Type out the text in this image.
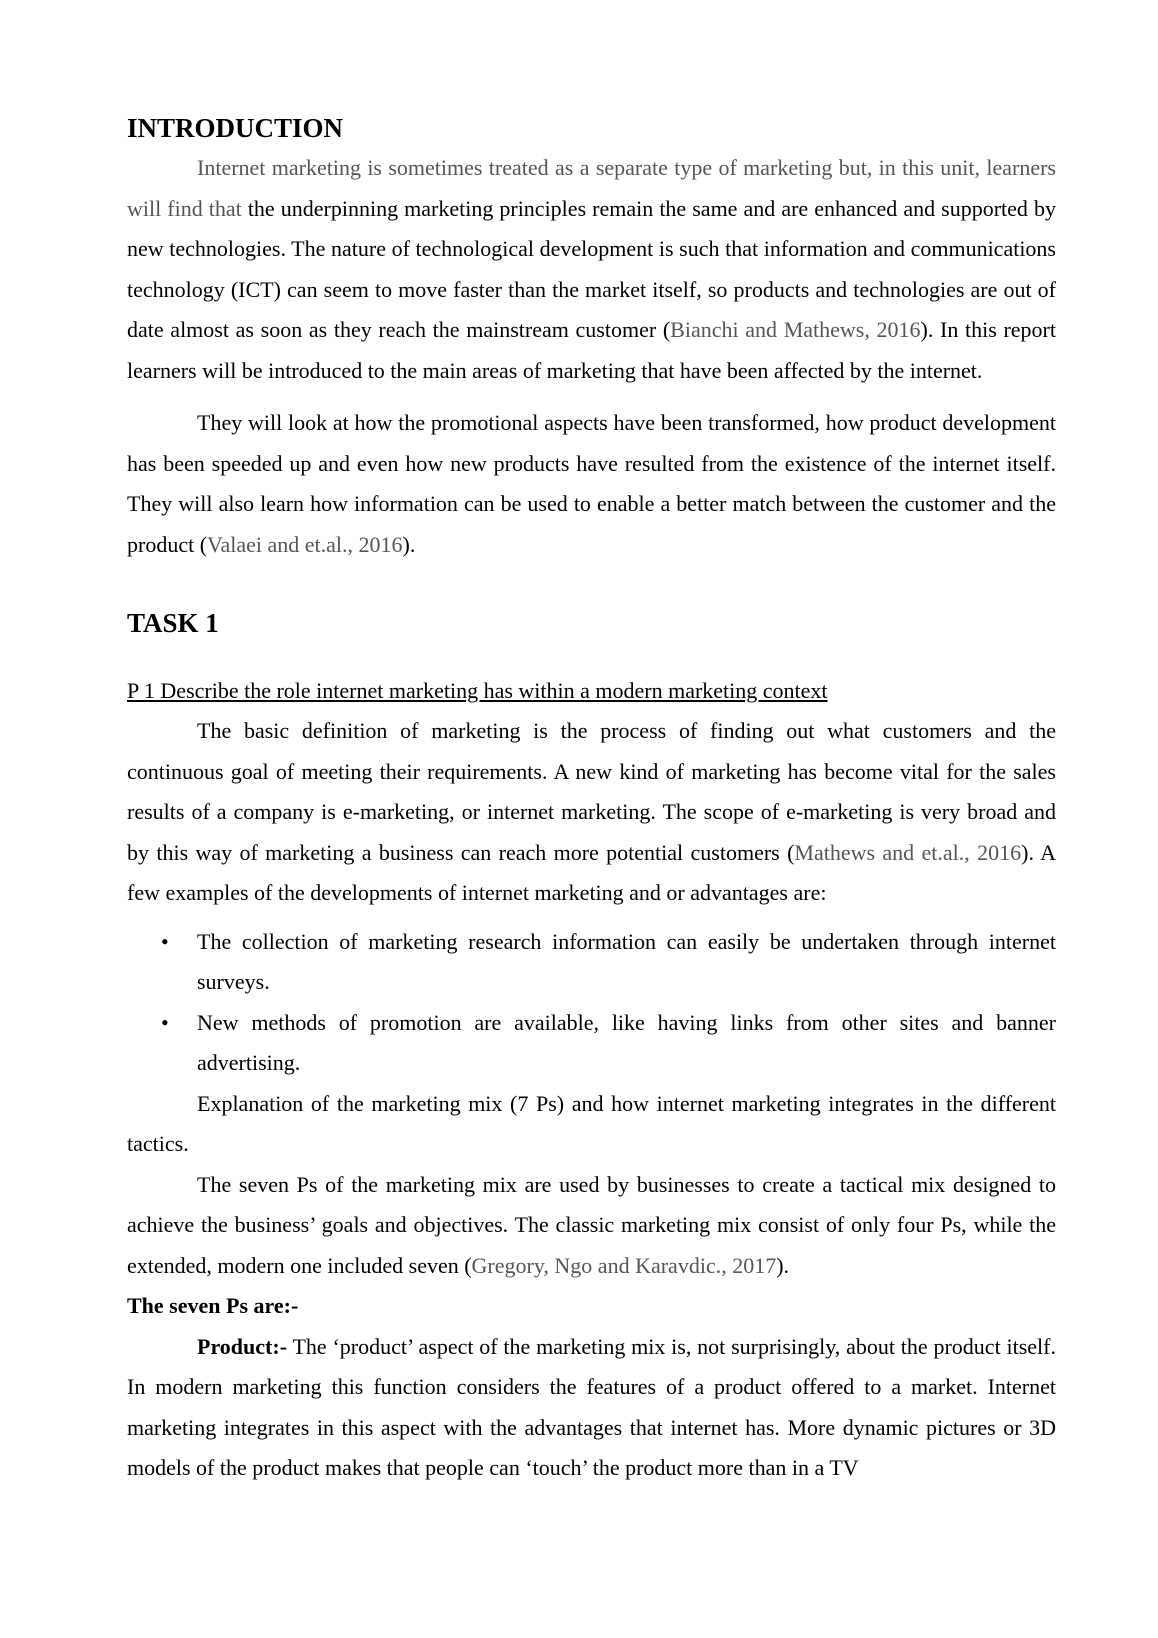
INTRODUCTION

Internet marketing is sometimes treated as a separate type of marketing but, in this unit, learners will find that the underpinning marketing principles remain the same and are enhanced and supported by new technologies. The nature of technological development is such that information and communications technology (ICT) can seem to move faster than the market itself, so products and technologies are out of date almost as soon as they reach the mainstream customer (Bianchi and Mathews, 2016). In this report learners will be introduced to the main areas of marketing that have been affected by the internet.

They will look at how the promotional aspects have been transformed, how product development has been speeded up and even how new products have resulted from the existence of the internet itself. They will also learn how information can be used to enable a better match between the customer and the product (Valaei and et.al., 2016).

TASK 1
P 1 Describe the role internet marketing has within a modern marketing context

The basic definition of marketing is the process of finding out what customers and the continuous goal of meeting their requirements. A new kind of marketing has become vital for the sales results of a company is e-marketing, or internet marketing. The scope of e-marketing is very broad and by this way of marketing a business can reach more potential customers (Mathews and et.al., 2016). A few examples of the developments of internet marketing and or advantages are:

• The collection of marketing research information can easily be undertaken through internet surveys.
• New methods of promotion are available, like having links from other sites and banner advertising.

Explanation of the marketing mix (7 Ps) and how internet marketing integrates in the different tactics.

The seven Ps of the marketing mix are used by businesses to create a tactical mix designed to achieve the business’ goals and objectives. The classic marketing mix consist of only four Ps, while the extended, modern one included seven (Gregory, Ngo and Karavdic., 2017).

The seven Ps are:-

Product:- The ‘product’ aspect of the marketing mix is, not surprisingly, about the product itself. In modern marketing this function considers the features of a product offered to a market. Internet marketing integrates in this aspect with the advantages that internet has. More dynamic pictures or 3D models of the product makes that people can ‘touch’ the product more than in a TV
